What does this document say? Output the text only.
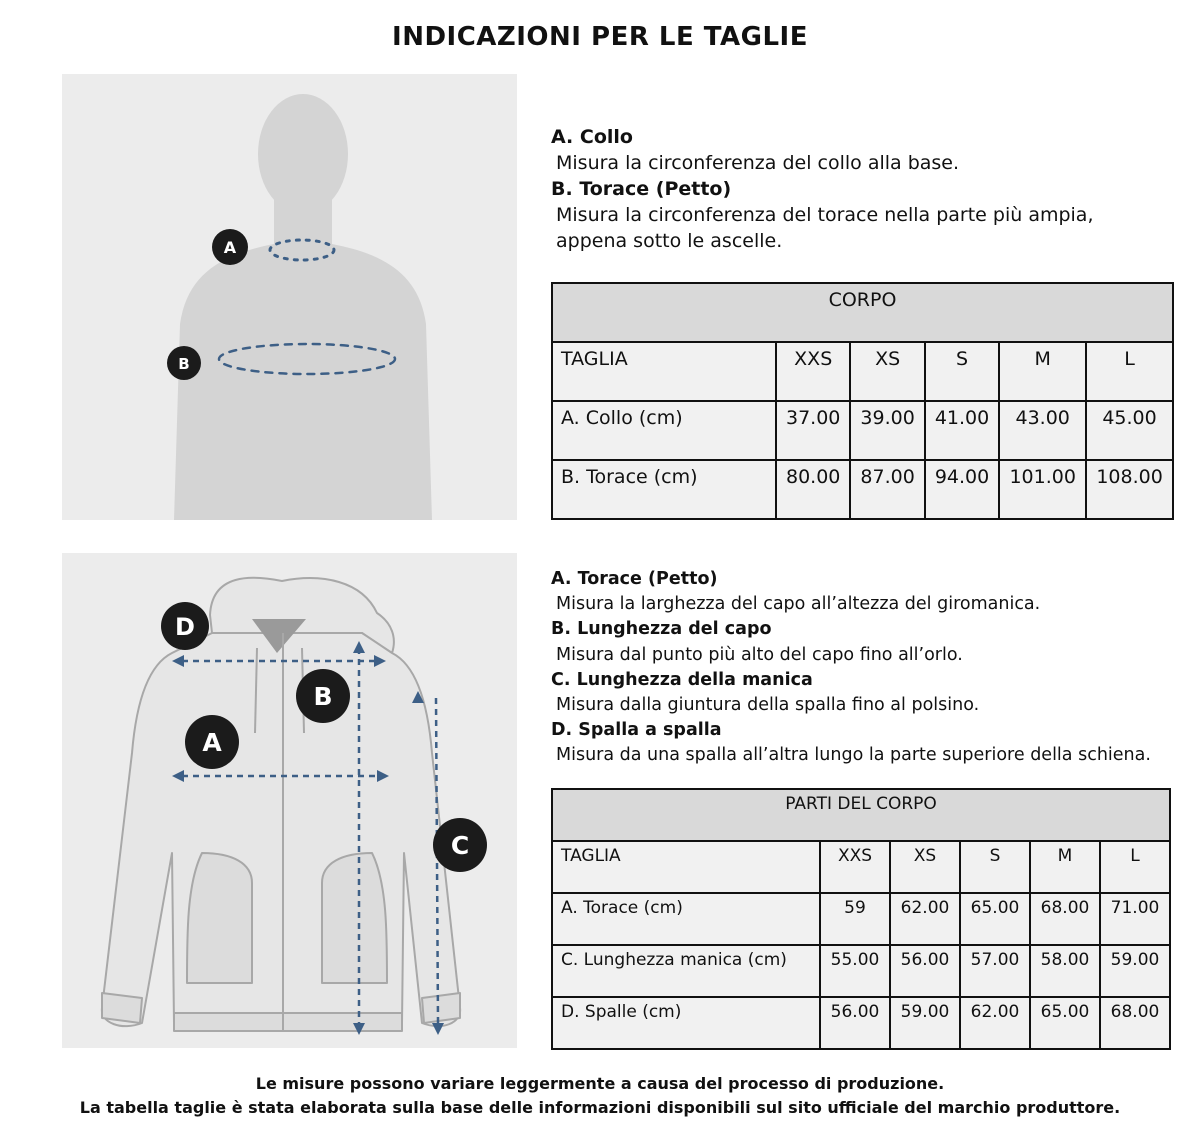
INDICAZIONI PER LE TAGLIE
A
B
A. Collo
Misura la circonferenza del collo alla base.
B. Torace (Petto)
Misura la circonferenza del torace nella parte più ampia, appena sotto le ascelle.
CORPO					
TAGLIA	XXS	XS	S	M	L
A. Collo (cm)	37.00	39.00	41.00	43.00	45.00
B. Torace (cm)	80.00	87.00	94.00	101.00	108.00
D
B
A
C
A. Torace (Petto)
Misura la larghezza del capo all’altezza del giromanica.
B. Lunghezza del capo
Misura dal punto più alto del capo fino all’orlo.
C. Lunghezza della manica
Misura dalla giuntura della spalla fino al polsino.
D. Spalla a spalla
Misura da una spalla all’altra lungo la parte superiore della schiena.
PARTI DEL CORPO					
TAGLIA	XXS	XS	S	M	L
A. Torace (cm)	59	62.00	65.00	68.00	71.00
C. Lunghezza manica (cm)	55.00	56.00	57.00	58.00	59.00
D. Spalle (cm)	56.00	59.00	62.00	65.00	68.00
Le misure possono variare leggermente a causa del processo di produzione.
La tabella taglie è stata elaborata sulla base delle informazioni disponibili sul sito ufficiale del marchio produttore.
